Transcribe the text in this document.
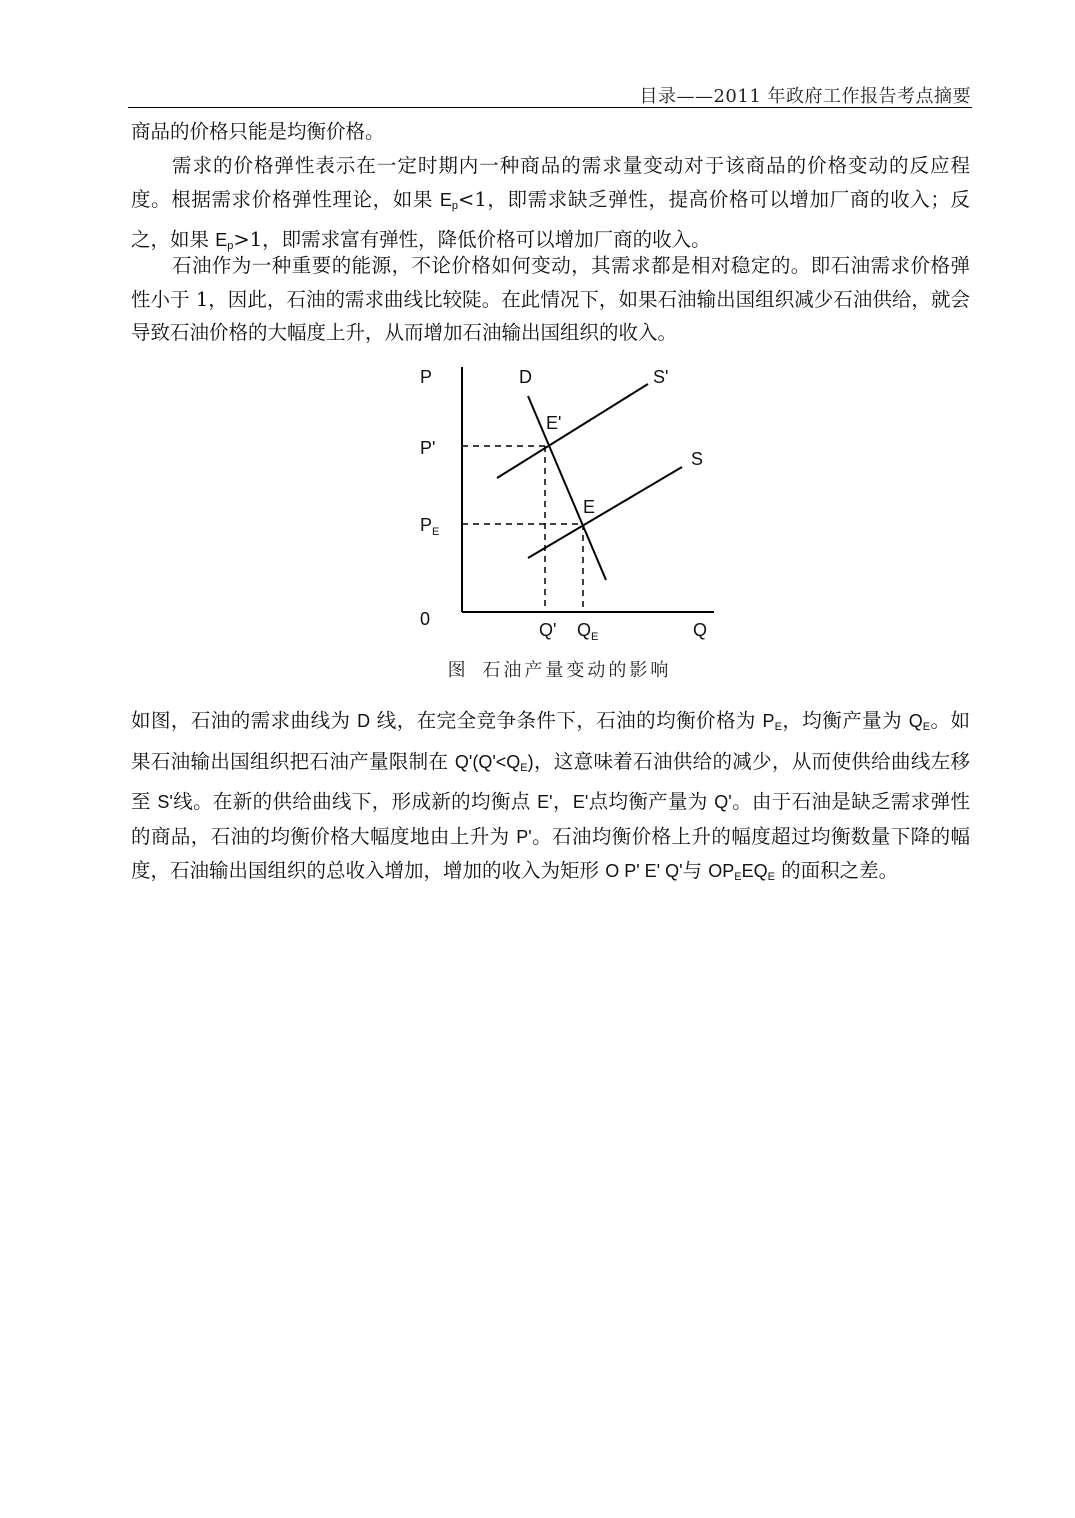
目录——2011 年政府工作报告考点摘要

商品的价格只能是均衡价格。

需求的价格弹性表示在一定时期内一种商品的需求量变动对于该商品的价格变动的反应程度。根据需求价格弹性理论，如果 $E_p<1$，即需求缺乏弹性，提高价格可以增加厂商的收入；反之，如果 $E_p>1$，即需求富有弹性，降低价格可以增加厂商的收入。

石油作为一种重要的能源，不论价格如何变动，其需求都是相对稳定的。即石油需求价格弹性小于 1，因此，石油的需求曲线比较陡。在此情况下，如果石油输出国组织减少石油供给，就会导致石油价格的大幅度上升，从而增加石油输出国组织的收入。

P	D	S'
E'
P'
S
E
$P_E$
0
Q' $Q_E$	Q
图 石油产量变动的影响

如图，石油的需求曲线为 D 线，在完全竞争条件下，石油的均衡价格为 $P_E$，均衡产量为 $Q_E$。如果石油输出国组织把石油产量限制在 $Q'(Q'<Q_E)$，这意味着石油供给的减少，从而使供给曲线左移至 S'线。在新的供给曲线下，形成新的均衡点 E'，E'点均衡产量为 Q'。由于石油是缺乏需求弹性的商品，石油的均衡价格大幅度地由上升为 P'。石油均衡价格上升的幅度超过均衡数量下降的幅度，石油输出国组织的总收入增加，增加的收入为矩形 O P' E' Q'与 $OP_EEQ_E$ 的面积之差。
